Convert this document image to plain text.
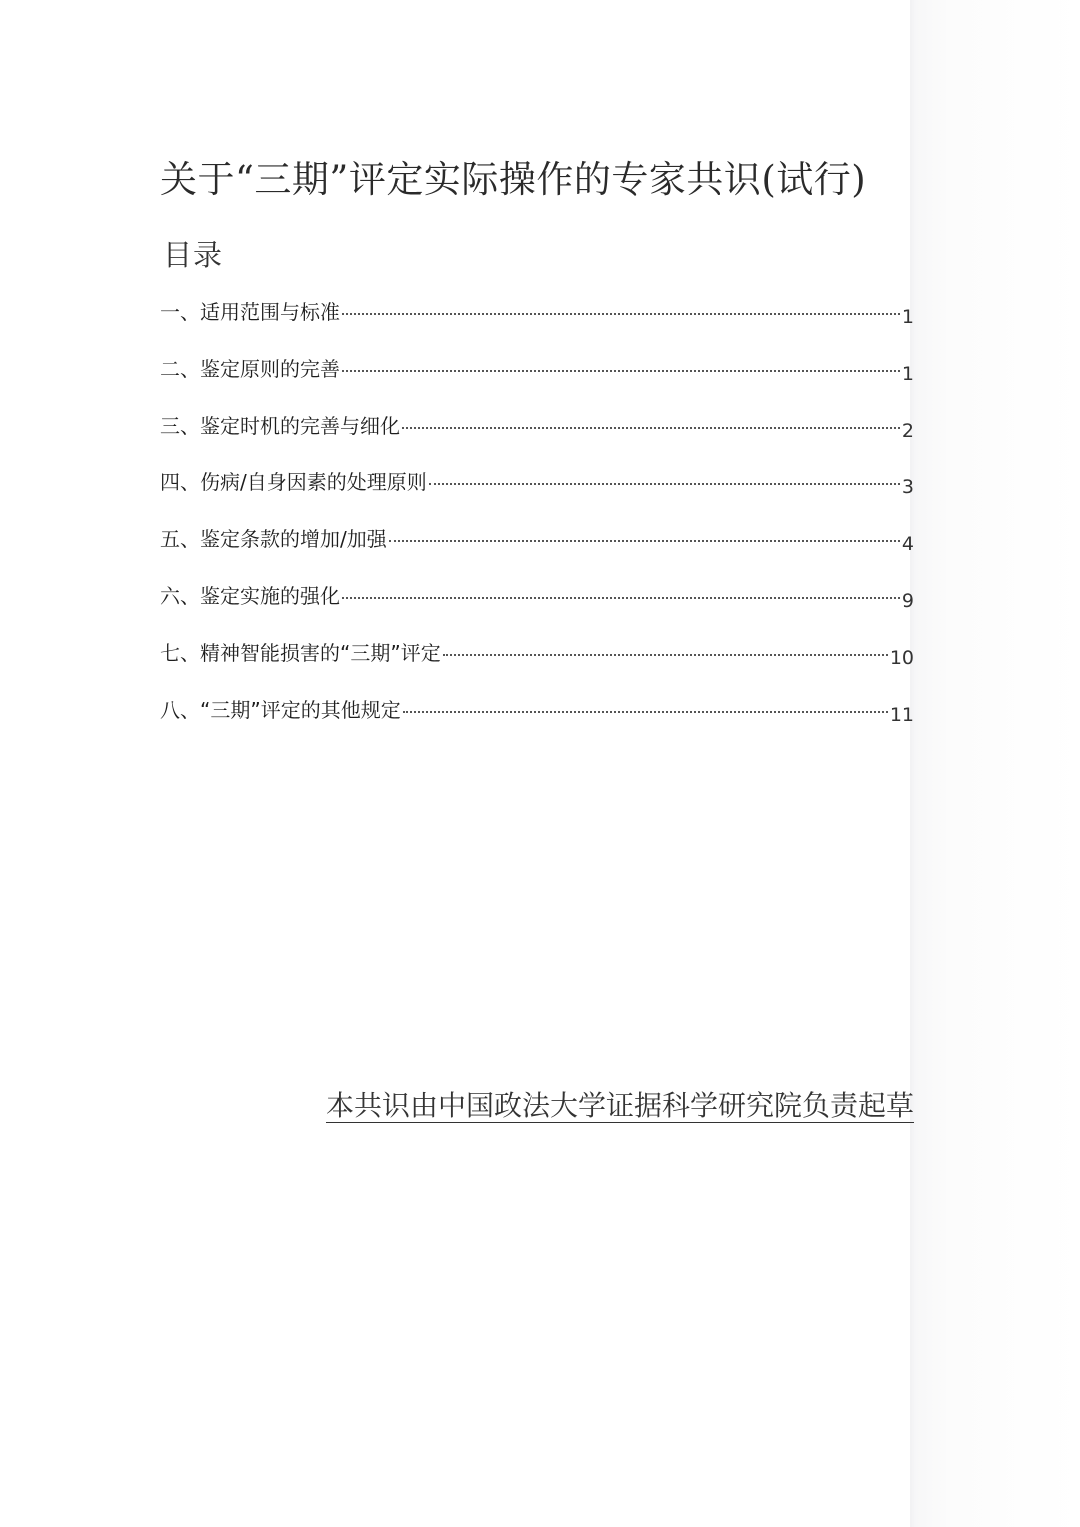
关于“三期”评定实际操作的专家共识(试行)
目录
一、适用范围与标准	1
二、鉴定原则的完善	1
三、鉴定时机的完善与细化	2
四、伤病/自身因素的处理原则	3
五、鉴定条款的增加/加强	4
六、鉴定实施的强化	9
七、精神智能损害的“三期”评定	10
八、“三期”评定的其他规定	11
本共识由中国政法大学证据科学研究院负责起草
